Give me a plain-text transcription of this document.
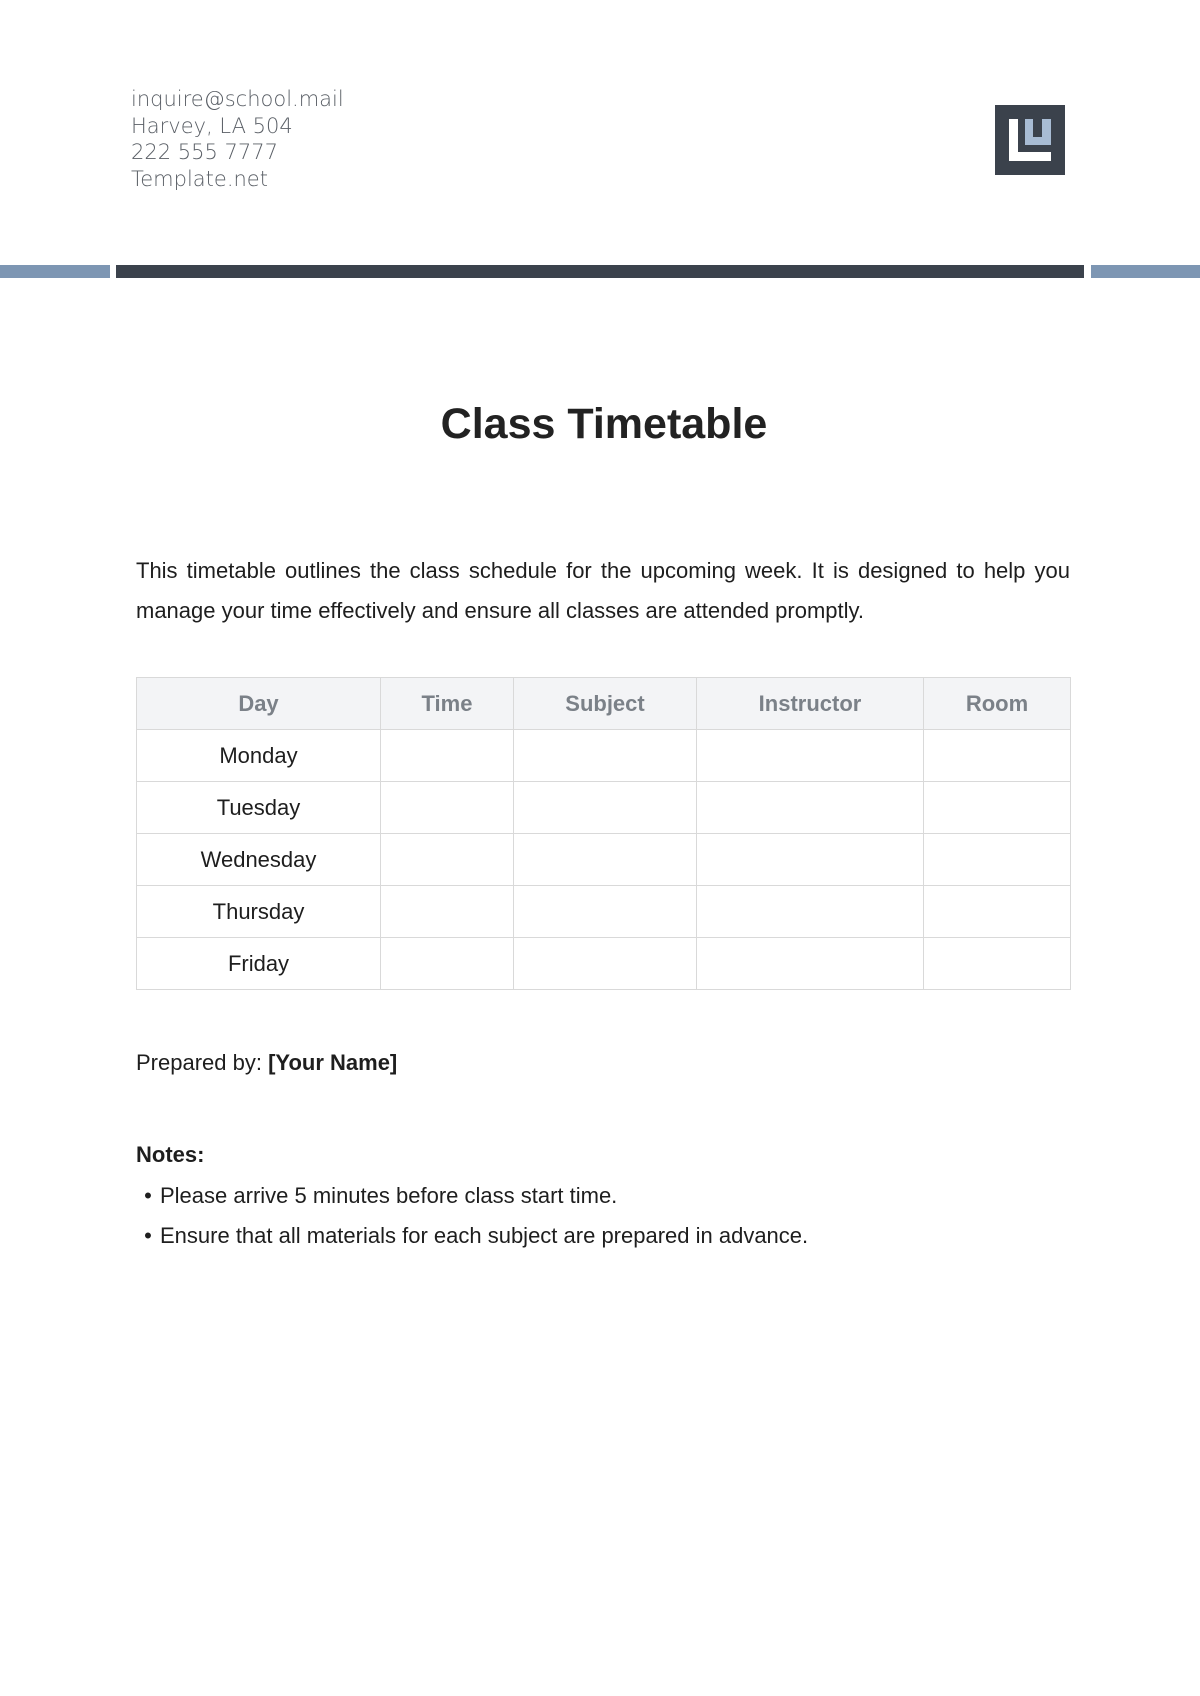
inquire@school.mail
Harvey, LA 504
222 555 7777
Template.net
Class Timetable

This timetable outlines the class schedule for the upcoming week. It is designed to help you manage your time effectively and ensure all classes are attended promptly.

Day	Time	Subject	Instructor	Room
Monday				
Tuesday				
Wednesday				
Thursday				
Friday				
Prepared by: [Your Name]
Notes:
• Please arrive 5 minutes before class start time.
• Ensure that all materials for each subject are prepared in advance.
